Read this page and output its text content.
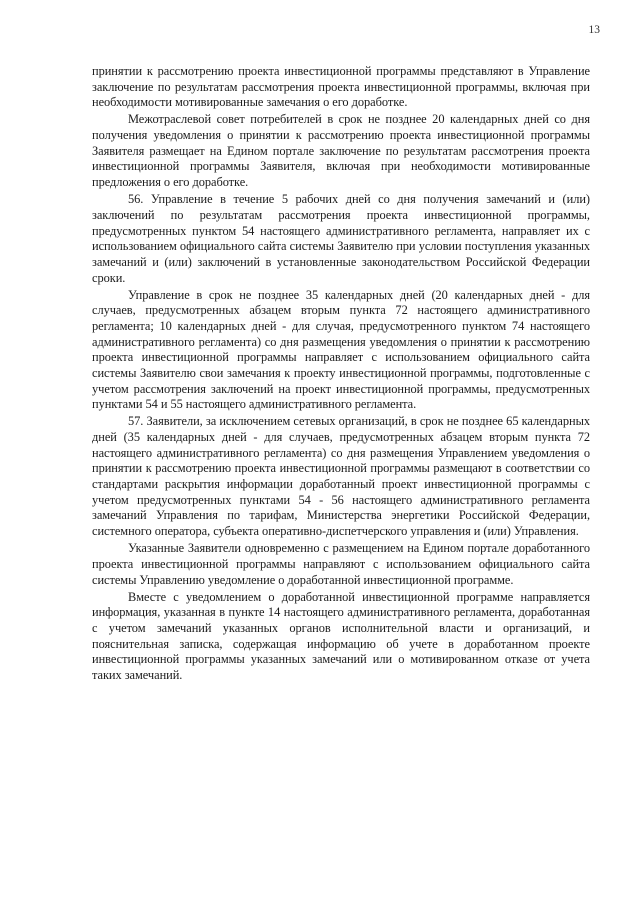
13

принятии к рассмотрению проекта инвестиционной программы представляют в Управление заключение по результатам рассмотрения проекта инвестиционной программы, включая при необходимости мотивированные замечания о его доработке.

Межотраслевой совет потребителей в срок не позднее 20 календарных дней со дня получения уведомления о принятии к рассмотрению проекта инвестиционной программы Заявителя размещает на Едином портале заключение по результатам рассмотрения проекта инвестиционной программы Заявителя, включая при необходимости мотивированные предложения о его доработке.

56. Управление в течение 5 рабочих дней со дня получения замечаний и (или) заключений по результатам рассмотрения проекта инвестиционной программы, предусмотренных пунктом 54 настоящего административного регламента, направляет их с использованием официального сайта системы Заявителю при условии поступления указанных замечаний и (или) заключений в установленные законодательством Российской Федерации сроки.

Управление в срок не позднее 35 календарных дней (20 календарных дней - для случаев, предусмотренных абзацем вторым пункта 72 настоящего административного регламента; 10 календарных дней - для случая, предусмотренного пунктом 74 настоящего административного регламента) со дня размещения уведомления о принятии к рассмотрению проекта инвестиционной программы направляет с использованием официального сайта системы Заявителю свои замечания к проекту инвестиционной программы, подготовленные с учетом рассмотрения заключений на проект инвестиционной программы, предусмотренных пунктами 54 и 55 настоящего административного регламента.

57. Заявители, за исключением сетевых организаций, в срок не позднее 65 календарных дней (35 календарных дней - для случаев, предусмотренных абзацем вторым пункта 72 настоящего административного регламента) со дня размещения Управлением уведомления о принятии к рассмотрению проекта инвестиционной программы размещают в соответствии со стандартами раскрытия информации доработанный проект инвестиционной программы с учетом предусмотренных пунктами 54 - 56 настоящего административного регламента замечаний Управления по тарифам, Министерства энергетики Российской Федерации, системного оператора, субъекта оперативно-диспетчерского управления и (или) Управления.

Указанные Заявители одновременно с размещением на Едином портале доработанного проекта инвестиционной программы направляют с использованием официального сайта системы Управлению уведомление о доработанной инвестиционной программе.

Вместе с уведомлением о доработанной инвестиционной программе направляется информация, указанная в пункте 14 настоящего административного регламента, доработанная с учетом замечаний указанных органов исполнительной власти и организаций, и пояснительная записка, содержащая информацию об учете в доработанном проекте инвестиционной программы указанных замечаний или о мотивированном отказе от учета таких замечаний.
